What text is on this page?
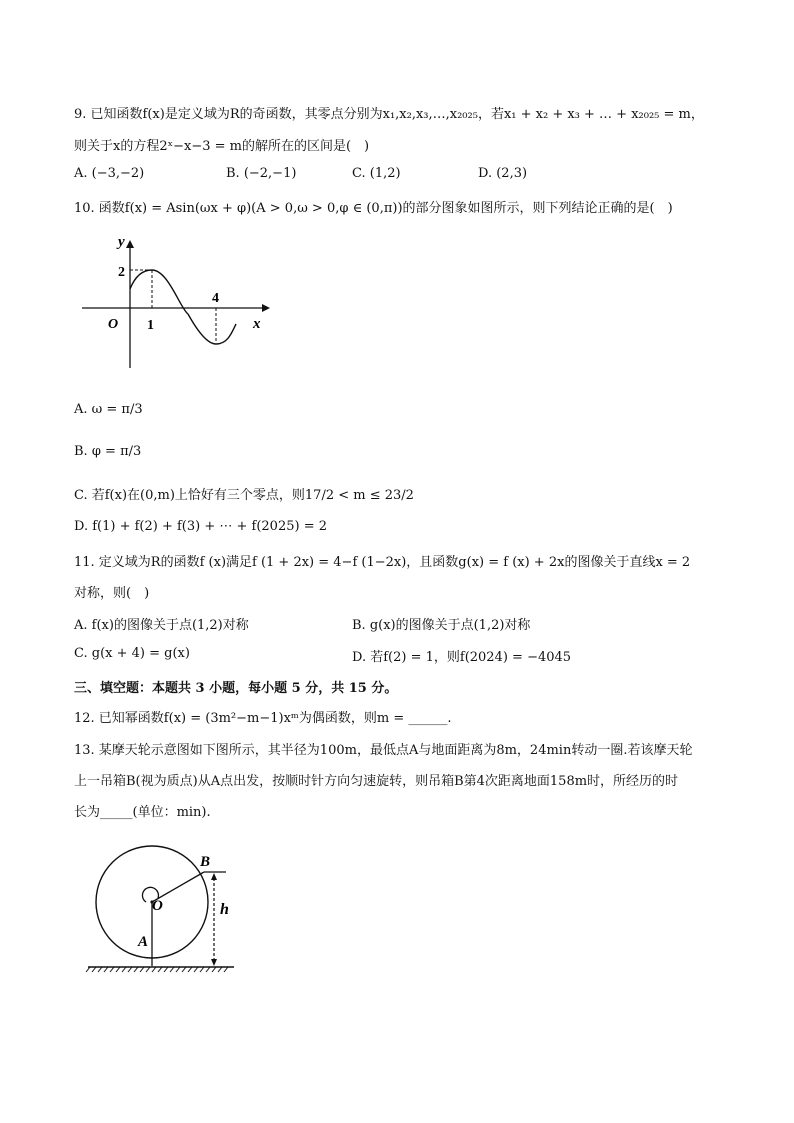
9. 已知函数f(x)是定义域为R的奇函数，其零点分别为x₁,x₂,x₃,…,x₂₀₂₅，若x₁ + x₂ + x₃ + … + x₂₀₂₅ = m，
则关于x的方程2ˣ−x−3 = m的解所在的区间是(　)
A. (−3,−2)	B. (−2,−1)	C. (1,2)	D. (2,3)
10. 函数f(x) = Asin(ωx + φ)(A > 0,ω > 0,φ ∈ (0,π))的部分图象如图所示，则下列结论正确的是(　)
y
2
O 1
4
x
A. ω = π/3
B. φ = π/3
C. 若f(x)在(0,m)上恰好有三个零点，则17/2 < m ≤ 23/2
D. f(1) + f(2) + f(3) + ⋯ + f(2025) = 2
11. 定义域为R的函数f (x)满足f (1 + 2x) = 4−f (1−2x)，且函数g(x) = f (x) + 2x的图像关于直线x = 2
对称，则(　)
A. f(x)的图像关于点(1,2)对称	B. g(x)的图像关于点(1,2)对称
C. g(x + 4) = g(x)	D. 若f(2) = 1，则f(2024) = −4045
三、填空题：本题共 3 小题，每小题 5 分，共 15 分。
12. 已知幂函数f(x) = (3m²−m−1)xᵐ为偶函数，则m = ______.
13. 某摩天轮示意图如下图所示，其半径为100m，最低点A与地面距离为8m，24min转动一圈.若该摩天轮
上一吊箱B(视为质点)从A点出发，按顺时针方向匀速旋转，则吊箱B第4次距离地面158m时，所经历的时
长为_____(单位：min).
B
O
A
h
